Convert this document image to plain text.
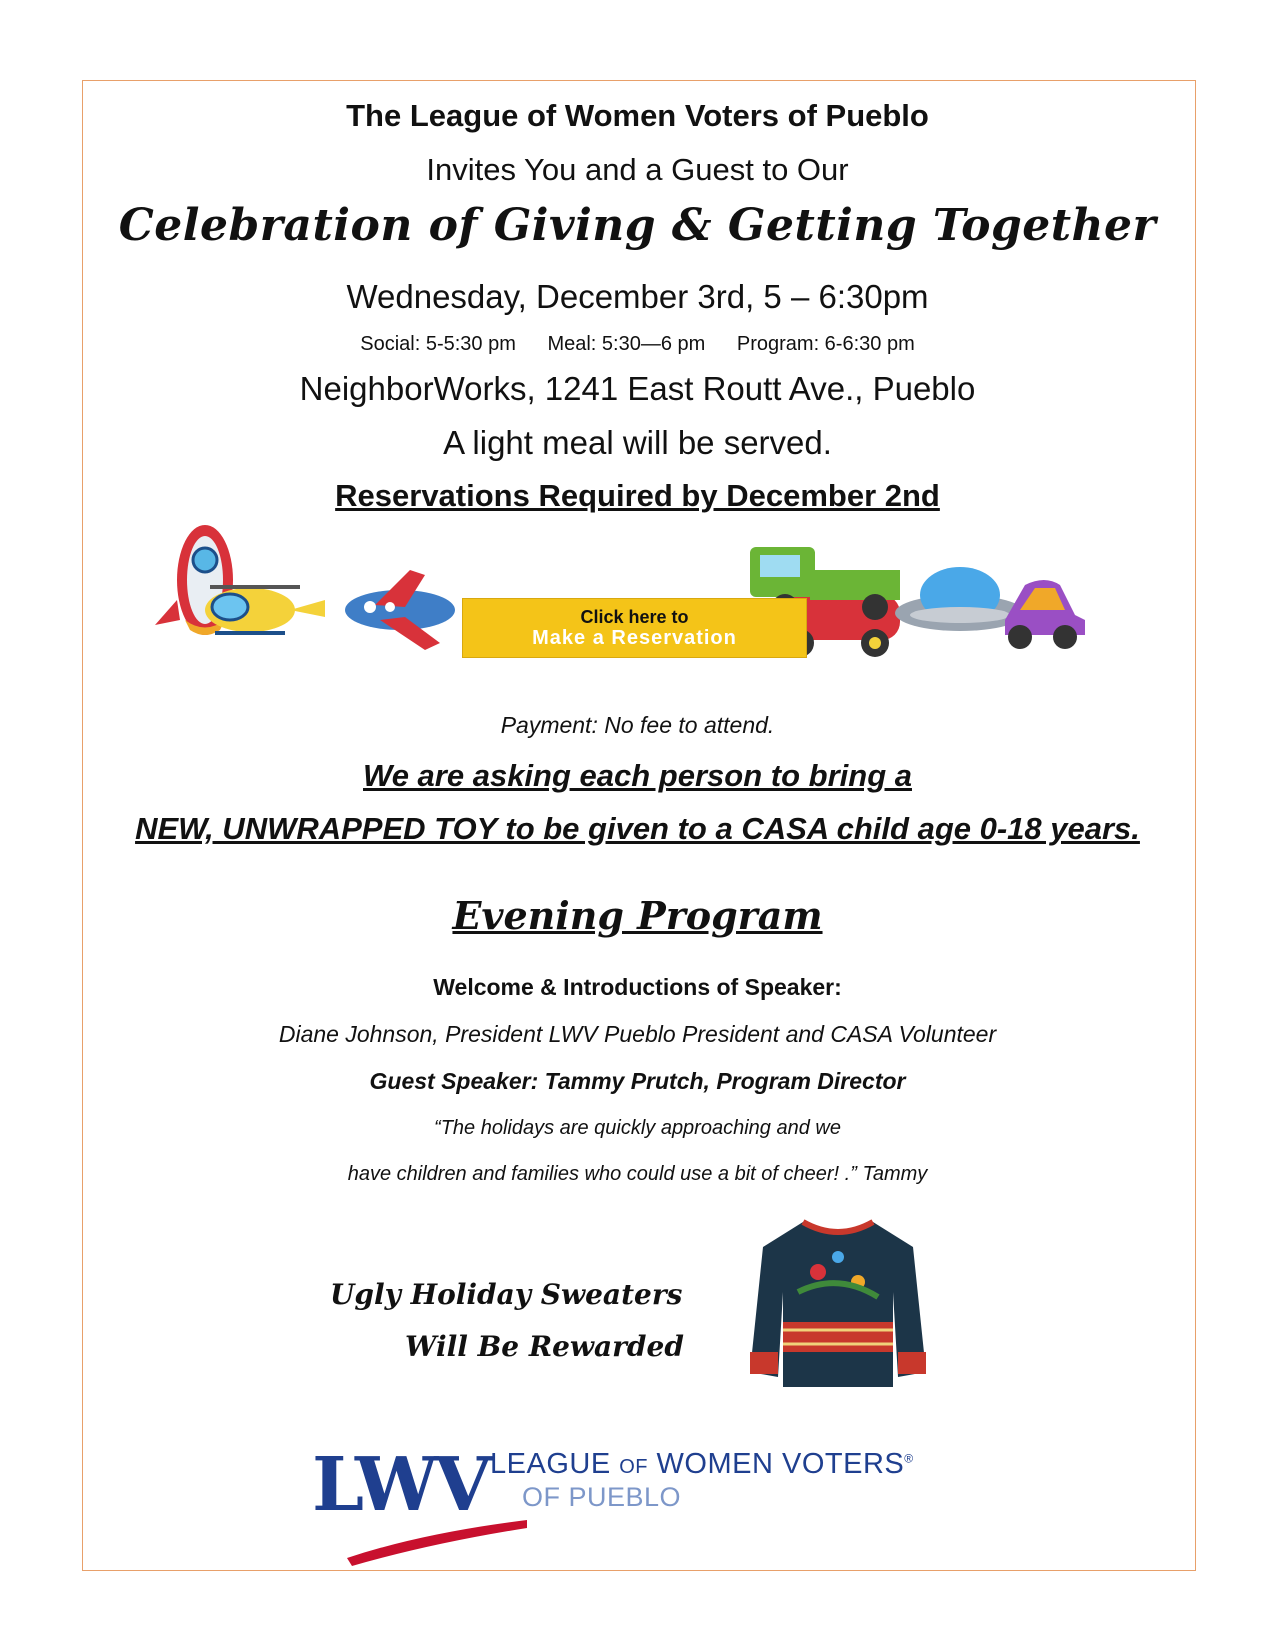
The League of Women Voters of Pueblo
Invites You and a Guest to Our
Celebration of Giving & Getting Together
Wednesday, December 3rd, 5 – 6:30pm
Social: 5-5:30 pm Meal: 5:30—6 pm Program: 6-6:30 pm
NeighborWorks, 1241 East Routt Ave., Pueblo
A light meal will be served.
Reservations Required by December 2nd
Click here to
Make a Reservation
Payment: No fee to attend.
We are asking each person to bring a
NEW, UNWRAPPED TOY to be given to a CASA child age 0-18 years.
Evening Program
Welcome & Introductions of Speaker:
Diane Johnson, President LWV Pueblo President and CASA Volunteer
Guest Speaker: Tammy Prutch, Program Director
“The holidays are quickly approaching and we
have children and families who could use a bit of cheer! .” Tammy
Ugly Holiday Sweaters
Will Be Rewarded
LWV LEAGUE OF WOMEN VOTERS®
OF PUEBLO
